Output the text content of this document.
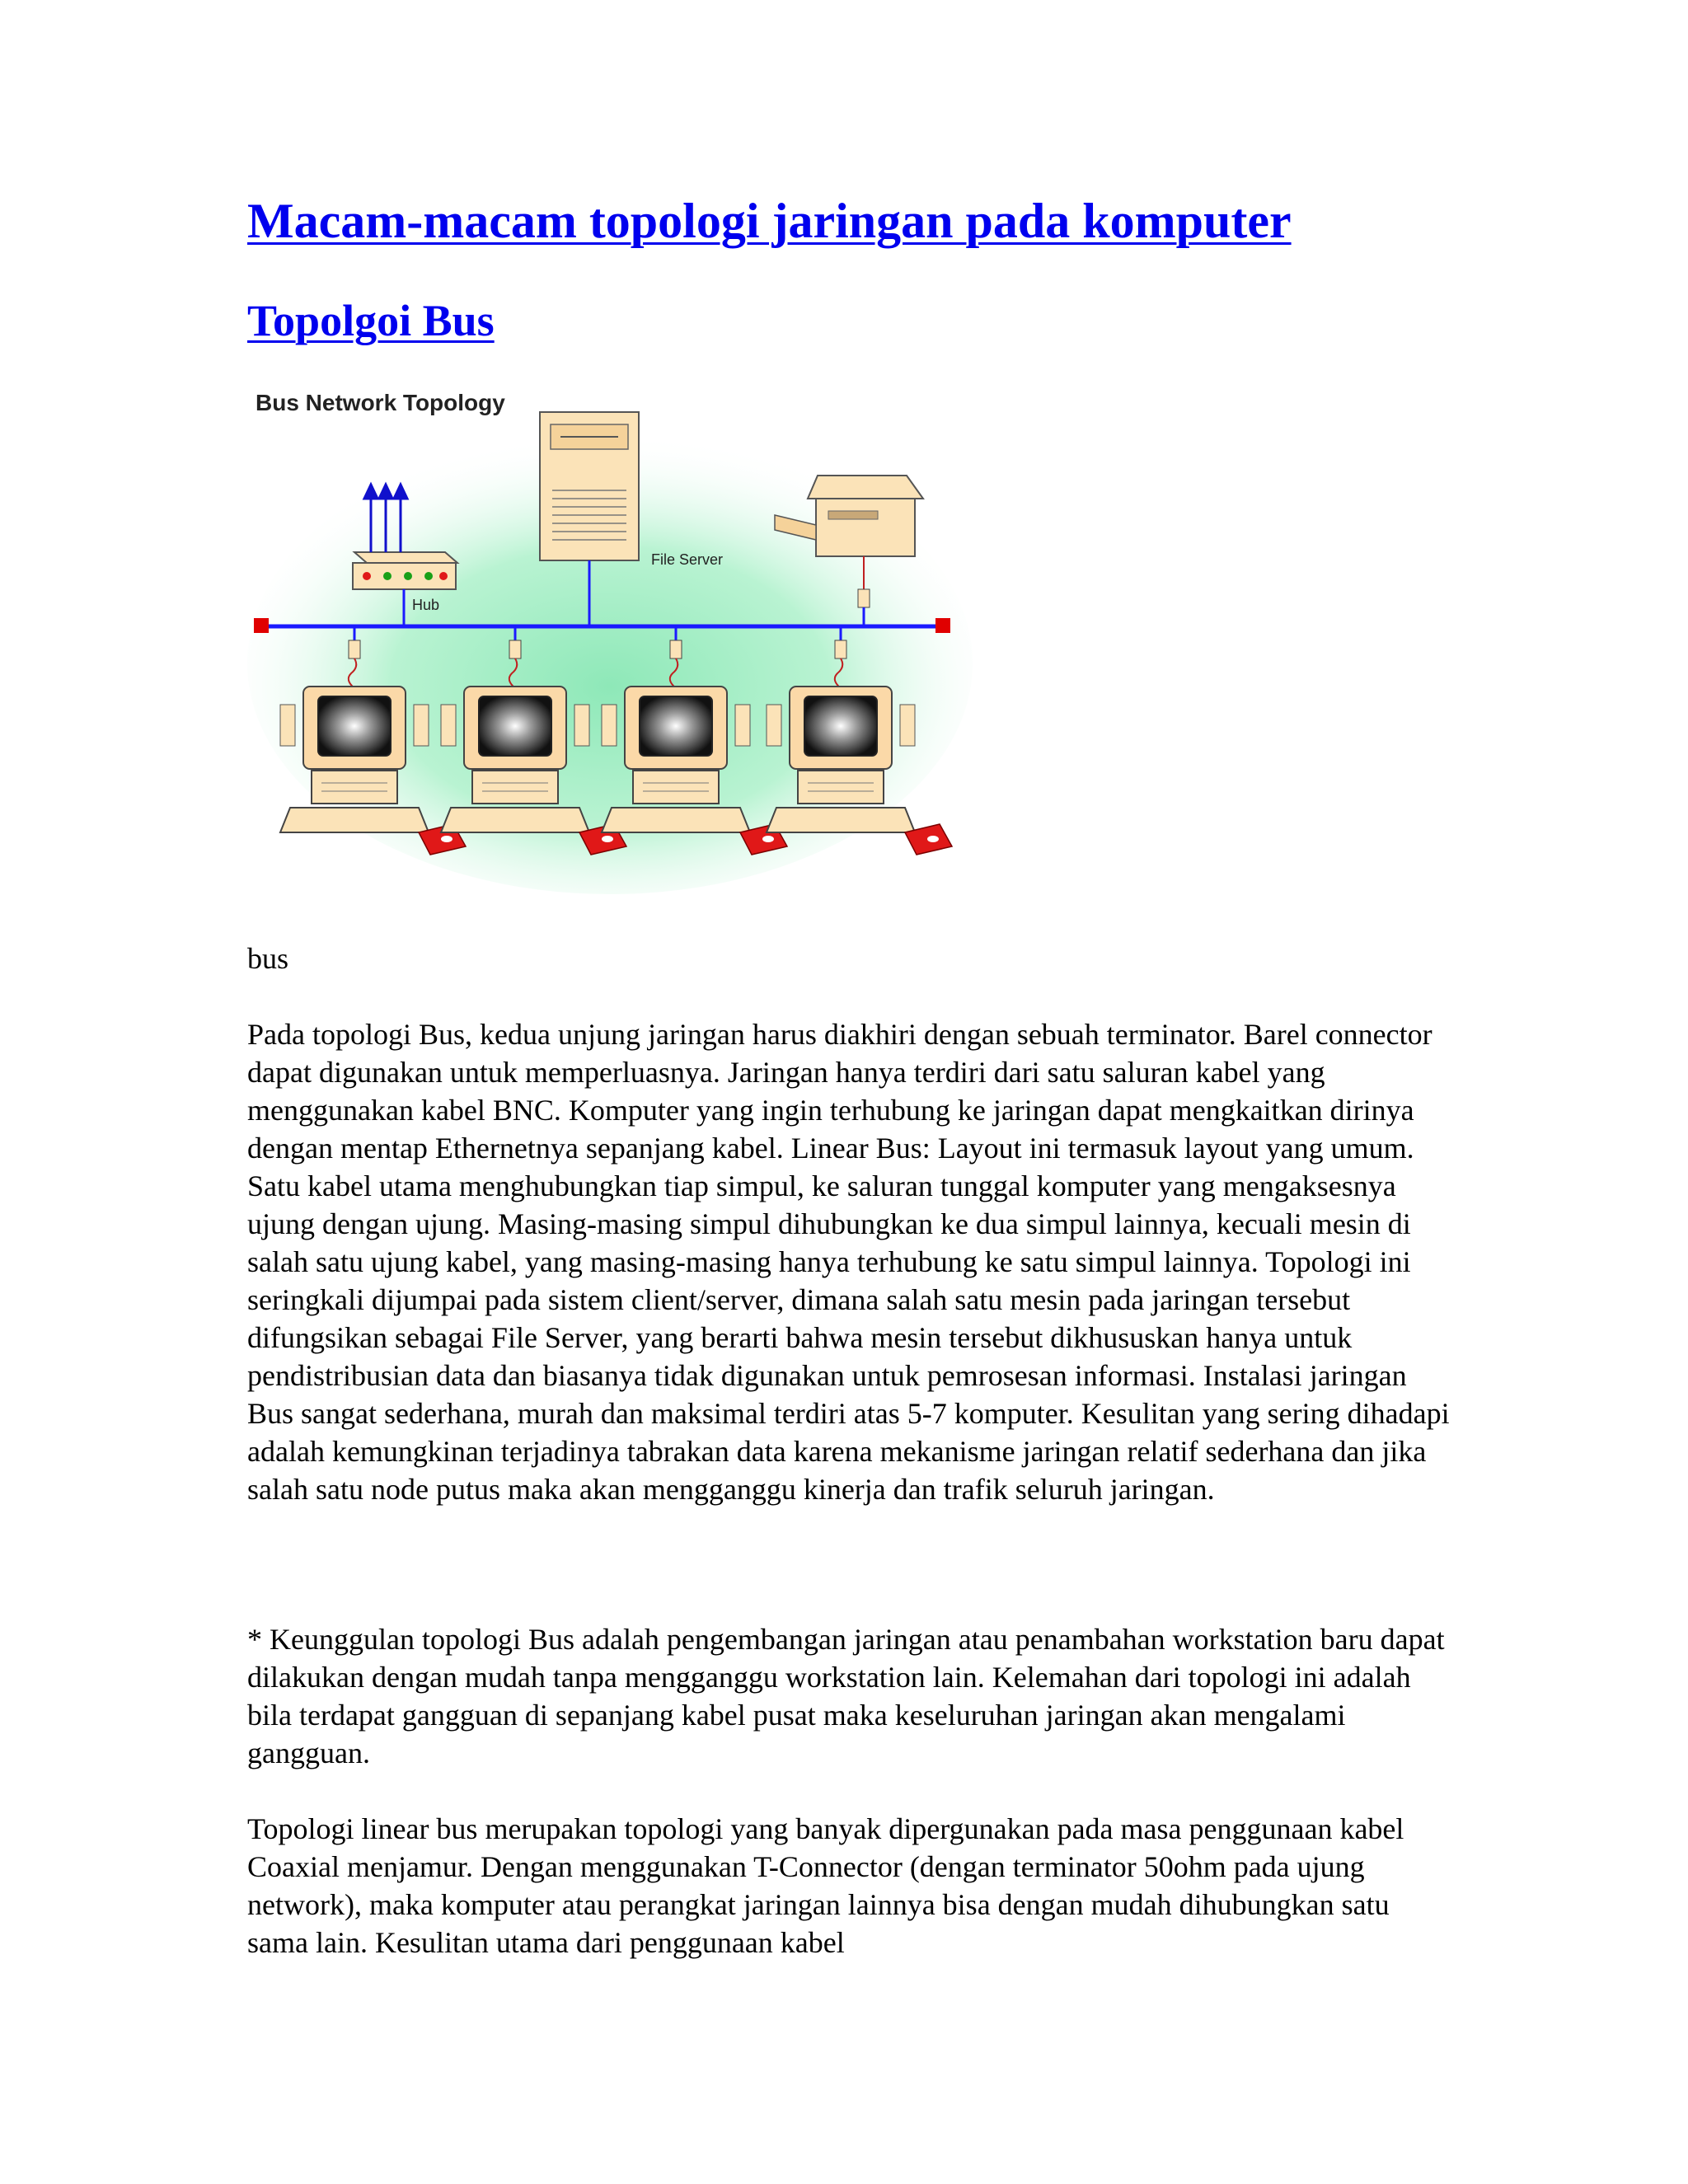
Macam-macam topologi jaringan pada komputer
Topolgoi Bus
Bus Network Topology
File Server
Hub

bus

Pada topologi Bus, kedua unjung jaringan harus diakhiri dengan sebuah terminator. Barel connector dapat digunakan untuk memperluasnya. Jaringan hanya terdiri dari satu saluran kabel yang menggunakan kabel BNC. Komputer yang ingin terhubung ke jaringan dapat mengkaitkan dirinya dengan mentap Ethernetnya sepanjang kabel. Linear Bus: Layout ini termasuk layout yang umum. Satu kabel utama menghubungkan tiap simpul, ke saluran tunggal komputer yang mengaksesnya ujung dengan ujung. Masing-masing simpul dihubungkan ke dua simpul lainnya, kecuali mesin di salah satu ujung kabel, yang masing-masing hanya terhubung ke satu simpul lainnya. Topologi ini seringkali dijumpai pada sistem client/server, dimana salah satu mesin pada jaringan tersebut difungsikan sebagai File Server, yang berarti bahwa mesin tersebut dikhususkan hanya untuk pendistribusian data dan biasanya tidak digunakan untuk pemrosesan informasi. Instalasi jaringan Bus sangat sederhana, murah dan maksimal terdiri atas 5-7 komputer. Kesulitan yang sering dihadapi adalah kemungkinan terjadinya tabrakan data karena mekanisme jaringan relatif sederhana dan jika salah satu node putus maka akan mengganggu kinerja dan trafik seluruh jaringan.

* Keunggulan topologi Bus adalah pengembangan jaringan atau penambahan workstation baru dapat dilakukan dengan mudah tanpa mengganggu workstation lain. Kelemahan dari topologi ini adalah bila terdapat gangguan di sepanjang kabel pusat maka keseluruhan jaringan akan mengalami gangguan.

Topologi linear bus merupakan topologi yang banyak dipergunakan pada masa penggunaan kabel Coaxial menjamur. Dengan menggunakan T-Connector (dengan terminator 50ohm pada ujung network), maka komputer atau perangkat jaringan lainnya bisa dengan mudah dihubungkan satu sama lain. Kesulitan utama dari penggunaan kabel
